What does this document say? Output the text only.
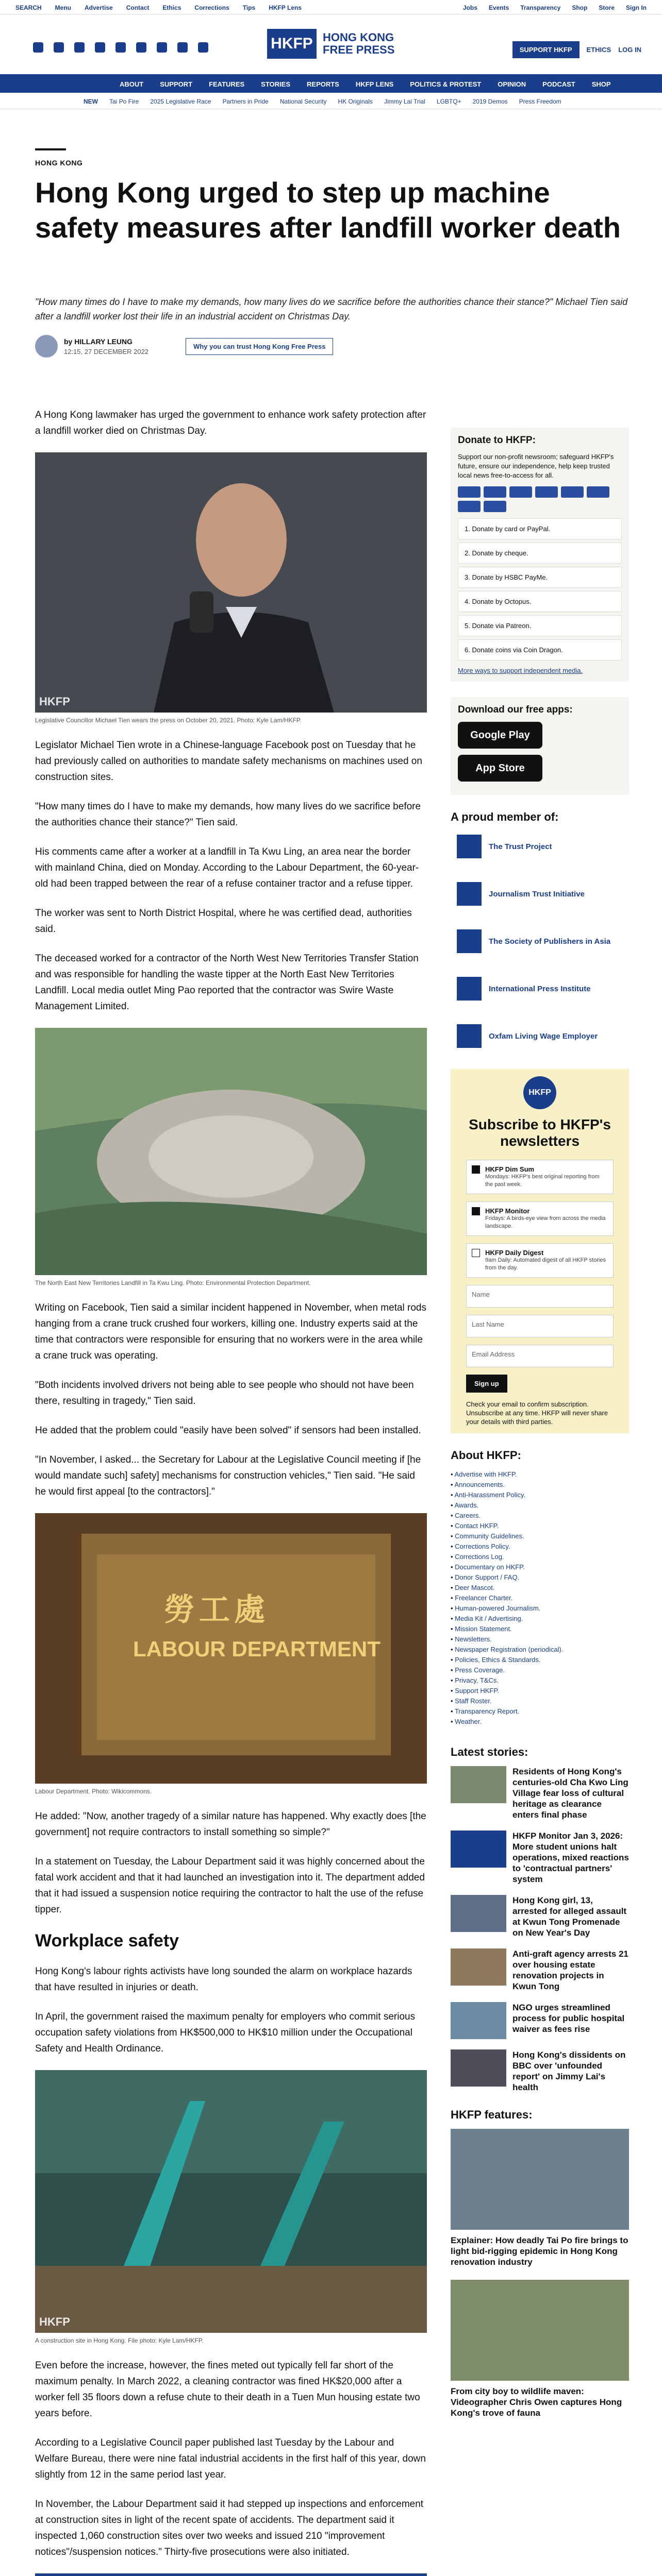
SEARCH Menu Advertise Contact Ethics Corrections Tips HKFP Lens	Jobs Events Transparency Shop Store Sign In
HKFP HONG KONG
FREE PRESS	SUPPORT HKFP	ETHICS LOG IN
ABOUT SUPPORT FEATURES STORIES REPORTS HKFP LENS POLITICS & PROTEST OPINION PODCAST SHOP
NEW Tai Po Fire 2025 Legislative Race Partners in Pride National Security HK Originals Jimmy Lai Trial LGBTQ+ 2019 Demos Press Freedom
HONG KONG
Hong Kong urged to step up machine safety measures after landfill worker death

"How many times do I have to make my demands, how many lives do we sacrifice before the authorities chance their stance?" Michael Tien said after a landfill worker lost their life in an industrial accident on Christmas Day.

by HILLARY LEUNG
12:15, 27 DECEMBER 2022
Why you can trust Hong Kong Free Press

A Hong Kong lawmaker has urged the government to enhance work safety protection after a landfill worker died on Christmas Day.

HKFP
Legislative Councillor Michael Tien wears the press on October 20, 2021. Photo: Kyle Lam/HKFP.

Legislator Michael Tien wrote in a Chinese-language Facebook post on Tuesday that he had previously called on authorities to mandate safety mechanisms on machines used on construction sites.

"How many times do I have to make my demands, how many lives do we sacrifice before the authorities chance their stance?" Tien said.

His comments came after a worker at a landfill in Ta Kwu Ling, an area near the border with mainland China, died on Monday. According to the Labour Department, the 60-year-old had been trapped between the rear of a refuse container tractor and a refuse tipper.

The worker was sent to North District Hospital, where he was certified dead, authorities said.

The deceased worked for a contractor of the North West New Territories Transfer Station and was responsible for handling the waste tipper at the North East New Territories Landfill. Local media outlet Ming Pao reported that the contractor was Swire Waste Management Limited.

The North East New Territories Landfill in Ta Kwu Ling. Photo: Environmental Protection Department.

Writing on Facebook, Tien said a similar incident happened in November, when metal rods hanging from a crane truck crushed four workers, killing one. Industry experts said at the time that contractors were responsible for ensuring that no workers were in the area while a crane truck was operating.

"Both incidents involved drivers not being able to see people who should not have been there, resulting in tragedy," Tien said.

He added that the problem could "easily have been solved" if sensors had been installed.

"In November, I asked... the Secretary for Labour at the Legislative Council meeting if [he would mandate such] safety] mechanisms for construction vehicles," Tien said. "He said he would first appeal [to the contractors]."

勞工處
LABOUR DEPARTMENT
Labour Department. Photo: Wikicommons.

He added: "Now, another tragedy of a similar nature has happened. Why exactly does [the government] not require contractors to install something so simple?"

In a statement on Tuesday, the Labour Department said it was highly concerned about the fatal work accident and that it had launched an investigation into it. The department added that it had issued a suspension notice requiring the contractor to halt the use of the refuse tipper.

Workplace safety

Hong Kong's labour rights activists have long sounded the alarm on workplace hazards that have resulted in injuries or death.

In April, the government raised the maximum penalty for employers who commit serious occupation safety violations from HK$500,000 to HK$10 million under the Occupational Safety and Health Ordinance.

HKFP
A construction site in Hong Kong. File photo: Kyle Lam/HKFP.

Even before the increase, however, the fines meted out typically fell far short of the maximum penalty. In March 2022, a cleaning contractor was fined HK$20,000 after a worker fell 35 floors down a refuse chute to their death in a Tuen Mun housing estate two years before.

According to a Legislative Council paper published last Tuesday by the Labour and Welfare Bureau, there were nine fatal industrial accidents in the first half of this year, down slightly from 12 in the same period last year.

In November, the Labour Department said it had stepped up inspections and enforcement at construction sites in light of the recent spate of accidents. The department said it inspected 1,060 construction sites over two weeks and issued 210 "improvement notices"/suspension notices." Thirty-five prosecutions were also initiated.

Donate to HKFP:

Support our non-profit newsroom; safeguard HKFP's future, ensure our independence, help keep trusted local news free-to-access for all.

1. Donate by card or PayPal.
2. Donate by cheque.
3. Donate by HSBC PayMe.
4. Donate by Octopus.
5. Donate via Patreon.
6. Donate coins via Coin Dragon.
More ways to support independent media.
Download our free apps:
Google Play
App Store
A proud member of:
The Trust Project
Journalism Trust Initiative
The Society of Publishers in Asia
International Press Institute
Oxfam Living Wage Employer
HKFP
Subscribe to HKFP's newsletters
HKFP Dim Sum
Mondays: HKFP's best original reporting from the past week.
HKFP Monitor
Fridays: A birds-eye view from across the media landscape.
HKFP Daily Digest
9am Daily: Automated digest of all HKFP stories from the day.
Name
Last Name
Email Address
Sign up

Check your email to confirm subscription. Unsubscribe at any time. HKFP will never share your details with third parties.

About HKFP:
• Advertise with HKFP.
• Announcements.
• Anti-Harassment Policy.
• Awards.
• Careers.
• Contact HKFP.
• Community Guidelines.
• Corrections Policy.
• Corrections Log.
• Documentary on HKFP.
• Donor Support / FAQ.
• Deer Mascot.
• Freelancer Charter.
• Human-powered Journalism.
• Media Kit / Advertising.
• Mission Statement.
• Newsletters.
• Newspaper Registration (periodical).
• Policies, Ethics & Standards.
• Press Coverage.
• Privacy, T&Cs.
• Support HKFP.
• Staff Roster.
• Transparency Report.
• Weather.
Latest stories:
Residents of Hong Kong's centuries-old Cha Kwo Ling Village fear loss of cultural heritage as clearance enters final phase
HKFP Monitor Jan 3, 2026: More student unions halt operations, mixed reactions to 'contractual partners' system
Hong Kong girl, 13, arrested for alleged assault at Kwun Tong Promenade on New Year's Day
Anti-graft agency arrests 21 over housing estate renovation projects in Kwun Tong
NGO urges streamlined process for public hospital waiver as fees rise
Hong Kong's dissidents on BBC over 'unfounded report' on Jimmy Lai's health
HKFP features:
Explainer: How deadly Tai Po fire brings to light bid-rigging epidemic in Hong Kong renovation industry
From city boy to wildlife maven: Videographer Chris Owen captures Hong Kong's trove of fauna
